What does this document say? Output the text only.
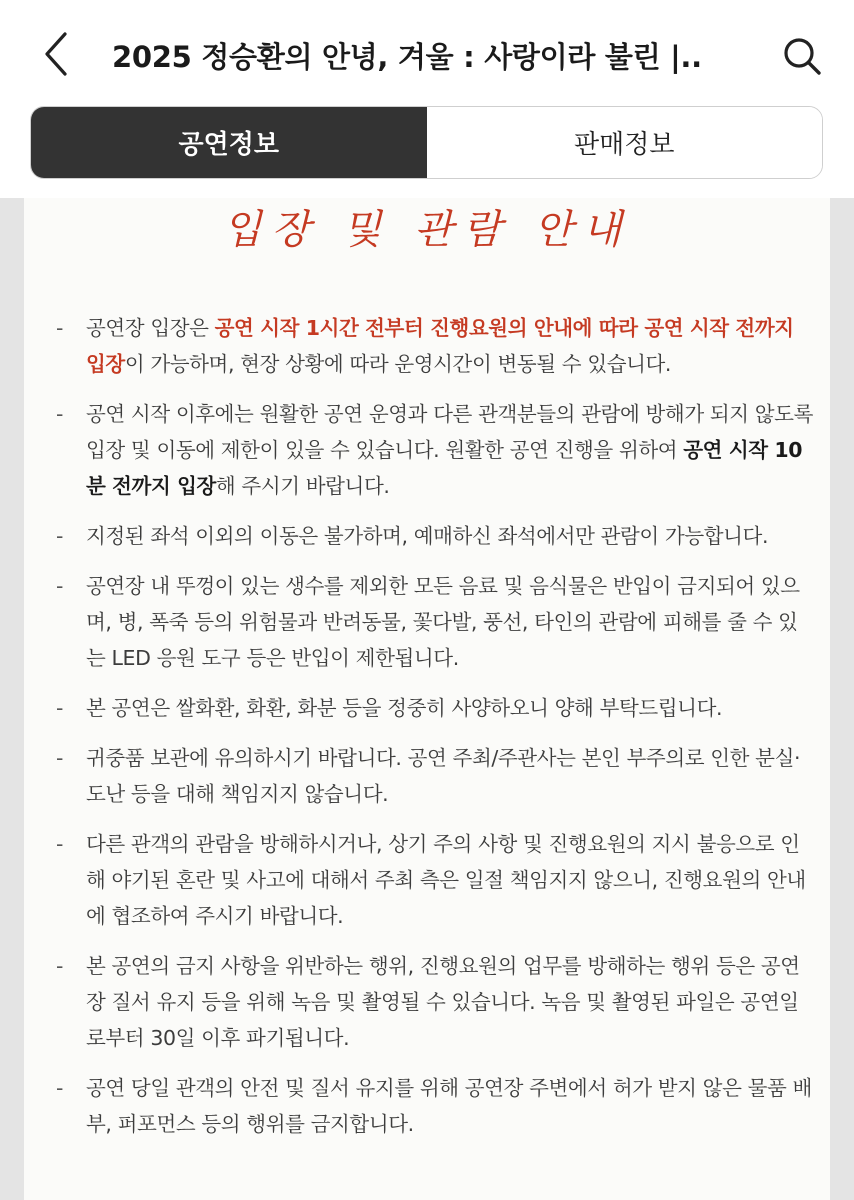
2025 정승환의 안녕, 겨울 : 사랑이라 불린 |..
공연정보	판매정보
입장 및 관람 안내
-	공연장 입장은 공연 시작 1시간 전부터 진행요원의 안내에 따라 공연 시작 전까지 입장이 가능하며, 현장 상황에 따라 운영시간이 변동될 수 있습니다.
-	공연 시작 이후에는 원활한 공연 운영과 다른 관객분들의 관람에 방해가 되지 않도록 입장 및 이동에 제한이 있을 수 있습니다. 원활한 공연 진행을 위하여 공연 시작 10분 전까지 입장해 주시기 바랍니다.
-	지정된 좌석 이외의 이동은 불가하며, 예매하신 좌석에서만 관람이 가능합니다.
-	공연장 내 뚜껑이 있는 생수를 제외한 모든 음료 및 음식물은 반입이 금지되어 있으며, 병, 폭죽 등의 위험물과 반려동물, 꽃다발, 풍선, 타인의 관람에 피해를 줄 수 있는 LED 응원 도구 등은 반입이 제한됩니다.
-	본 공연은 쌀화환, 화환, 화분 등을 정중히 사양하오니 양해 부탁드립니다.
-	귀중품 보관에 유의하시기 바랍니다. 공연 주최/주관사는 본인 부주의로 인한 분실·도난 등을 대해 책임지지 않습니다.
-	다른 관객의 관람을 방해하시거나, 상기 주의 사항 및 진행요원의 지시 불응으로 인해 야기된 혼란 및 사고에 대해서 주최 측은 일절 책임지지 않으니, 진행요원의 안내에 협조하여 주시기 바랍니다.
-	본 공연의 금지 사항을 위반하는 행위, 진행요원의 업무를 방해하는 행위 등은 공연장 질서 유지 등을 위해 녹음 및 촬영될 수 있습니다. 녹음 및 촬영된 파일은 공연일로부터 30일 이후 파기됩니다.
-	공연 당일 관객의 안전 및 질서 유지를 위해 공연장 주변에서 허가 받지 않은 물품 배부, 퍼포먼스 등의 행위를 금지합니다.
